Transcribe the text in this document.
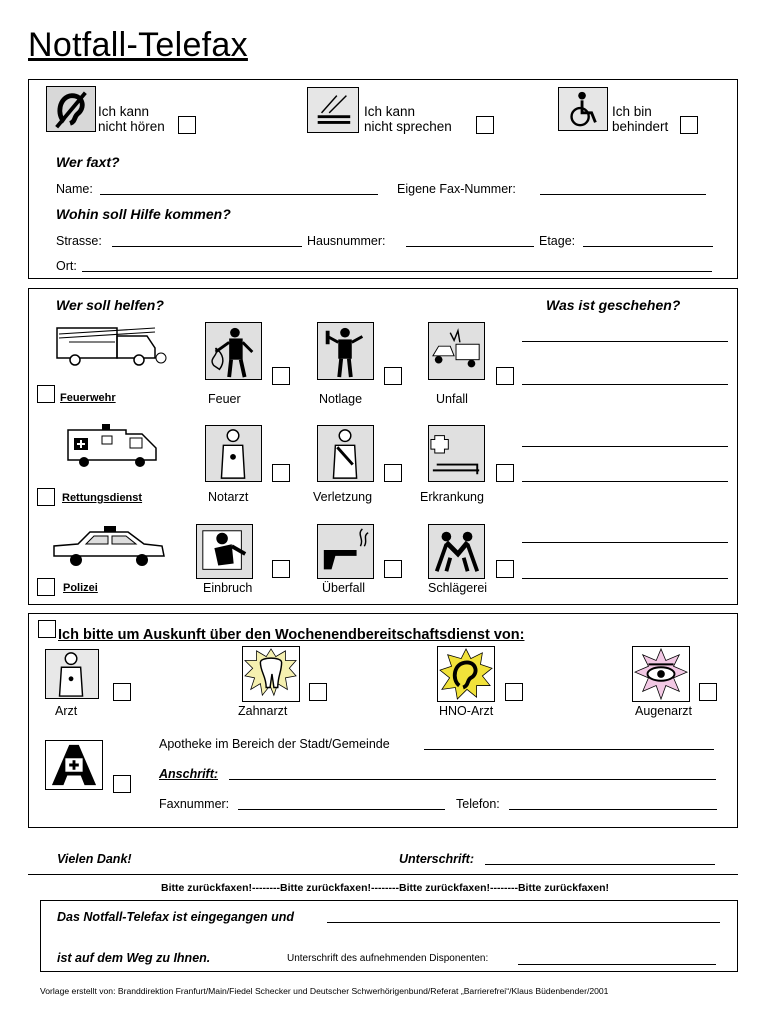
Notfall-Telefax
Ich kann
nicht hören
Ich kann
nicht sprechen
Ich bin
behindert
Wer faxt?
Name:	Eigene Fax-Nummer:
Wohin soll Hilfe kommen?
Strasse:	Hausnummer:	Etage:
Ort:
Wer soll helfen?	Was ist geschehen?
Feuerwehr	Feuer	Notlage	Unfall
Rettungsdienst	Notarzt	Verletzung	Erkrankung
Polizei	Einbruch	Überfall	Schlägerei
Ich bitte um Auskunft über den Wochenendbereitschaftsdienst von:
Arzt	Zahnarzt	HNO-Arzt	Augenarzt
Apotheke im Bereich der Stadt/Gemeinde
Anschrift:
Faxnummer:	Telefon:
Vielen Dank!	Unterschrift:
Bitte zurückfaxen!--------Bitte zurückfaxen!--------Bitte zurückfaxen!--------Bitte zurückfaxen!
Das Notfall-Telefax ist eingegangen und
ist auf dem Weg zu Ihnen.	Unterschrift des aufnehmenden Disponenten:
Vorlage erstellt von: Branddirektion Franfurt/Main/Fiedel Schecker und Deutscher Schwerhörigenbund/Referat „Barrierefrei“/Klaus Büdenbender/2001
